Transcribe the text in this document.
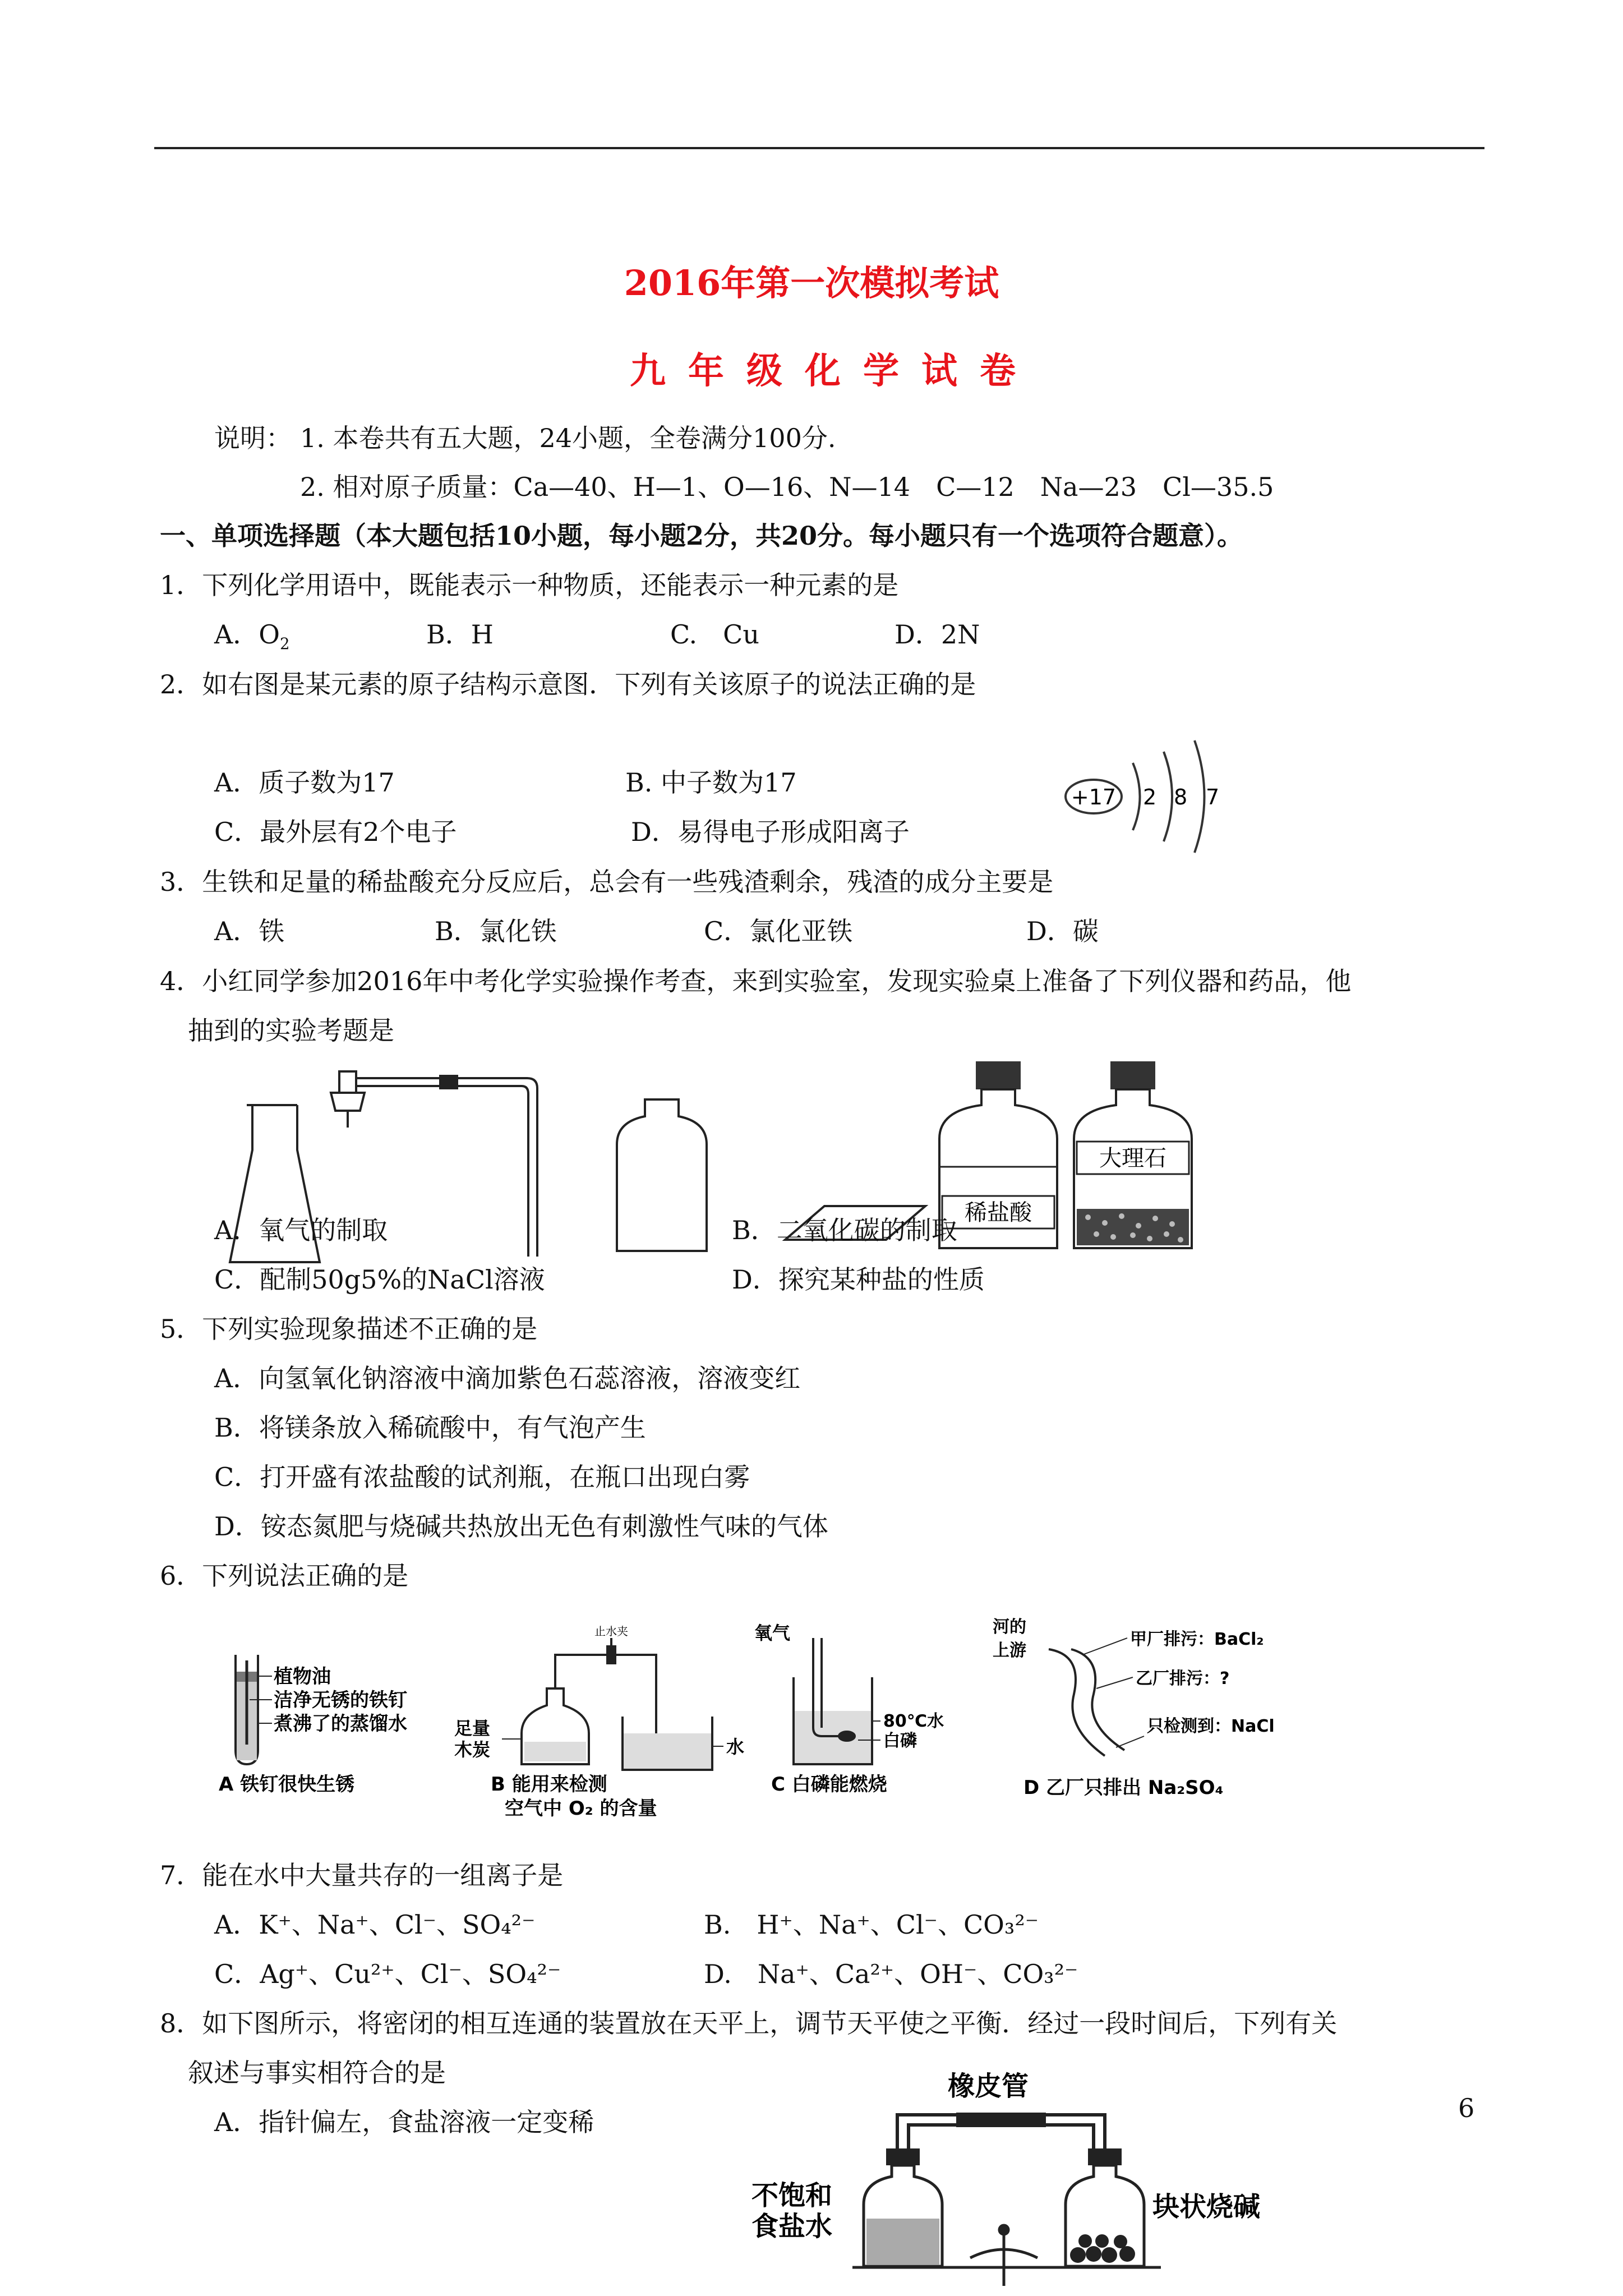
2016年第一次模拟考试
九年级化学试卷
说明： 1. 本卷共有五大题，24小题，全卷满分100分.
2. 相对原子质量：Ca—40、H—1、O—16、N—14　C—12　Na—23　Cl—35.5
一、单项选择题（本大题包括10小题，每小题2分，共20分。每小题只有一个选项符合题意）。
1．下列化学用语中，既能表示一种物质，还能表示一种元素的是
A．$O_2$	B．H	C.　Cu	D．2N
2．如右图是某元素的原子结构示意图．下列有关该原子的说法正确的是
A．质子数为17	B. 中子数为17
C．最外层有2个电子	D．易得电子形成阳离子
+17 2 8 7
3．生铁和足量的稀盐酸充分反应后，总会有一些残渣剩余，残渣的成分主要是
A．铁	B．氯化铁	C．氯化亚铁	D．碳
4．小红同学参加2016年中考化学实验操作考查，来到实验室，发现实验桌上准备了下列仪器和药品，他
抽到的实验考题是
稀盐酸
大理石
A．氧气的制取	B．二氧化碳的制取
C．配制50g5%的NaCl溶液	D．探究某种盐的性质
5．下列实验现象描述不正确的是
A．向氢氧化钠溶液中滴加紫色石蕊溶液，溶液变红
B．将镁条放入稀硫酸中，有气泡产生
C．打开盛有浓盐酸的试剂瓶，在瓶口出现白雾
D．铵态氮肥与烧碱共热放出无色有刺激性气味的气体
6．下列说法正确的是
植物油
洁净无锈的铁钉
煮沸了的蒸馏水
A 铁钉很快生锈
止水夹
足量
木炭	水
B 能用来检测
空气中 O₂ 的含量
氧气
80℃水
白磷
C 白磷能燃烧
河的
上游
甲厂排污：BaCl₂
乙厂排污：?
只检测到：NaCl
D 乙厂只排出 Na₂SO₄
7．能在水中大量共存的一组离子是
A．K⁺、Na⁺、Cl⁻、SO₄²⁻	B.　H⁺、Na⁺、Cl⁻、CO₃²⁻
C．Ag⁺、Cu²⁺、Cl⁻、SO₄²⁻	D.　Na⁺、Ca²⁺、OH⁻、CO₃²⁻
8．如下图所示，将密闭的相互连通的装置放在天平上，调节天平使之平衡．经过一段时间后，下列有关
叙述与事实相符合的是
A．指针偏左，食盐溶液一定变稀
橡皮管
不饱和
食盐水
块状烧碱
6
